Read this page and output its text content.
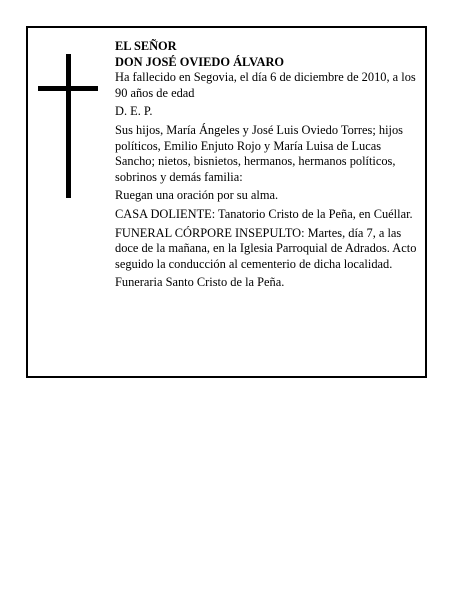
EL SEÑOR

DON JOSÉ OVIEDO ÁLVARO

Ha fallecido en Segovia, el día 6 de diciembre de 2010, a los 90 años de edad

D. E. P.

Sus hijos, María Ángeles y José Luis Oviedo Torres; hijos políticos, Emilio Enjuto Rojo y María Luisa de Lucas Sancho; nietos, bisnietos, hermanos, hermanos políticos, sobrinos y demás familia:

Ruegan una oración por su alma.

CASA DOLIENTE: Tanatorio Cristo de la Peña, en Cuéllar.

FUNERAL CÓRPORE INSEPULTO: Martes, día 7, a las doce de la mañana, en la Iglesia Parroquial de Adrados. Acto seguido la conducción al cementerio de dicha localidad.

Funeraria Santo Cristo de la Peña.
